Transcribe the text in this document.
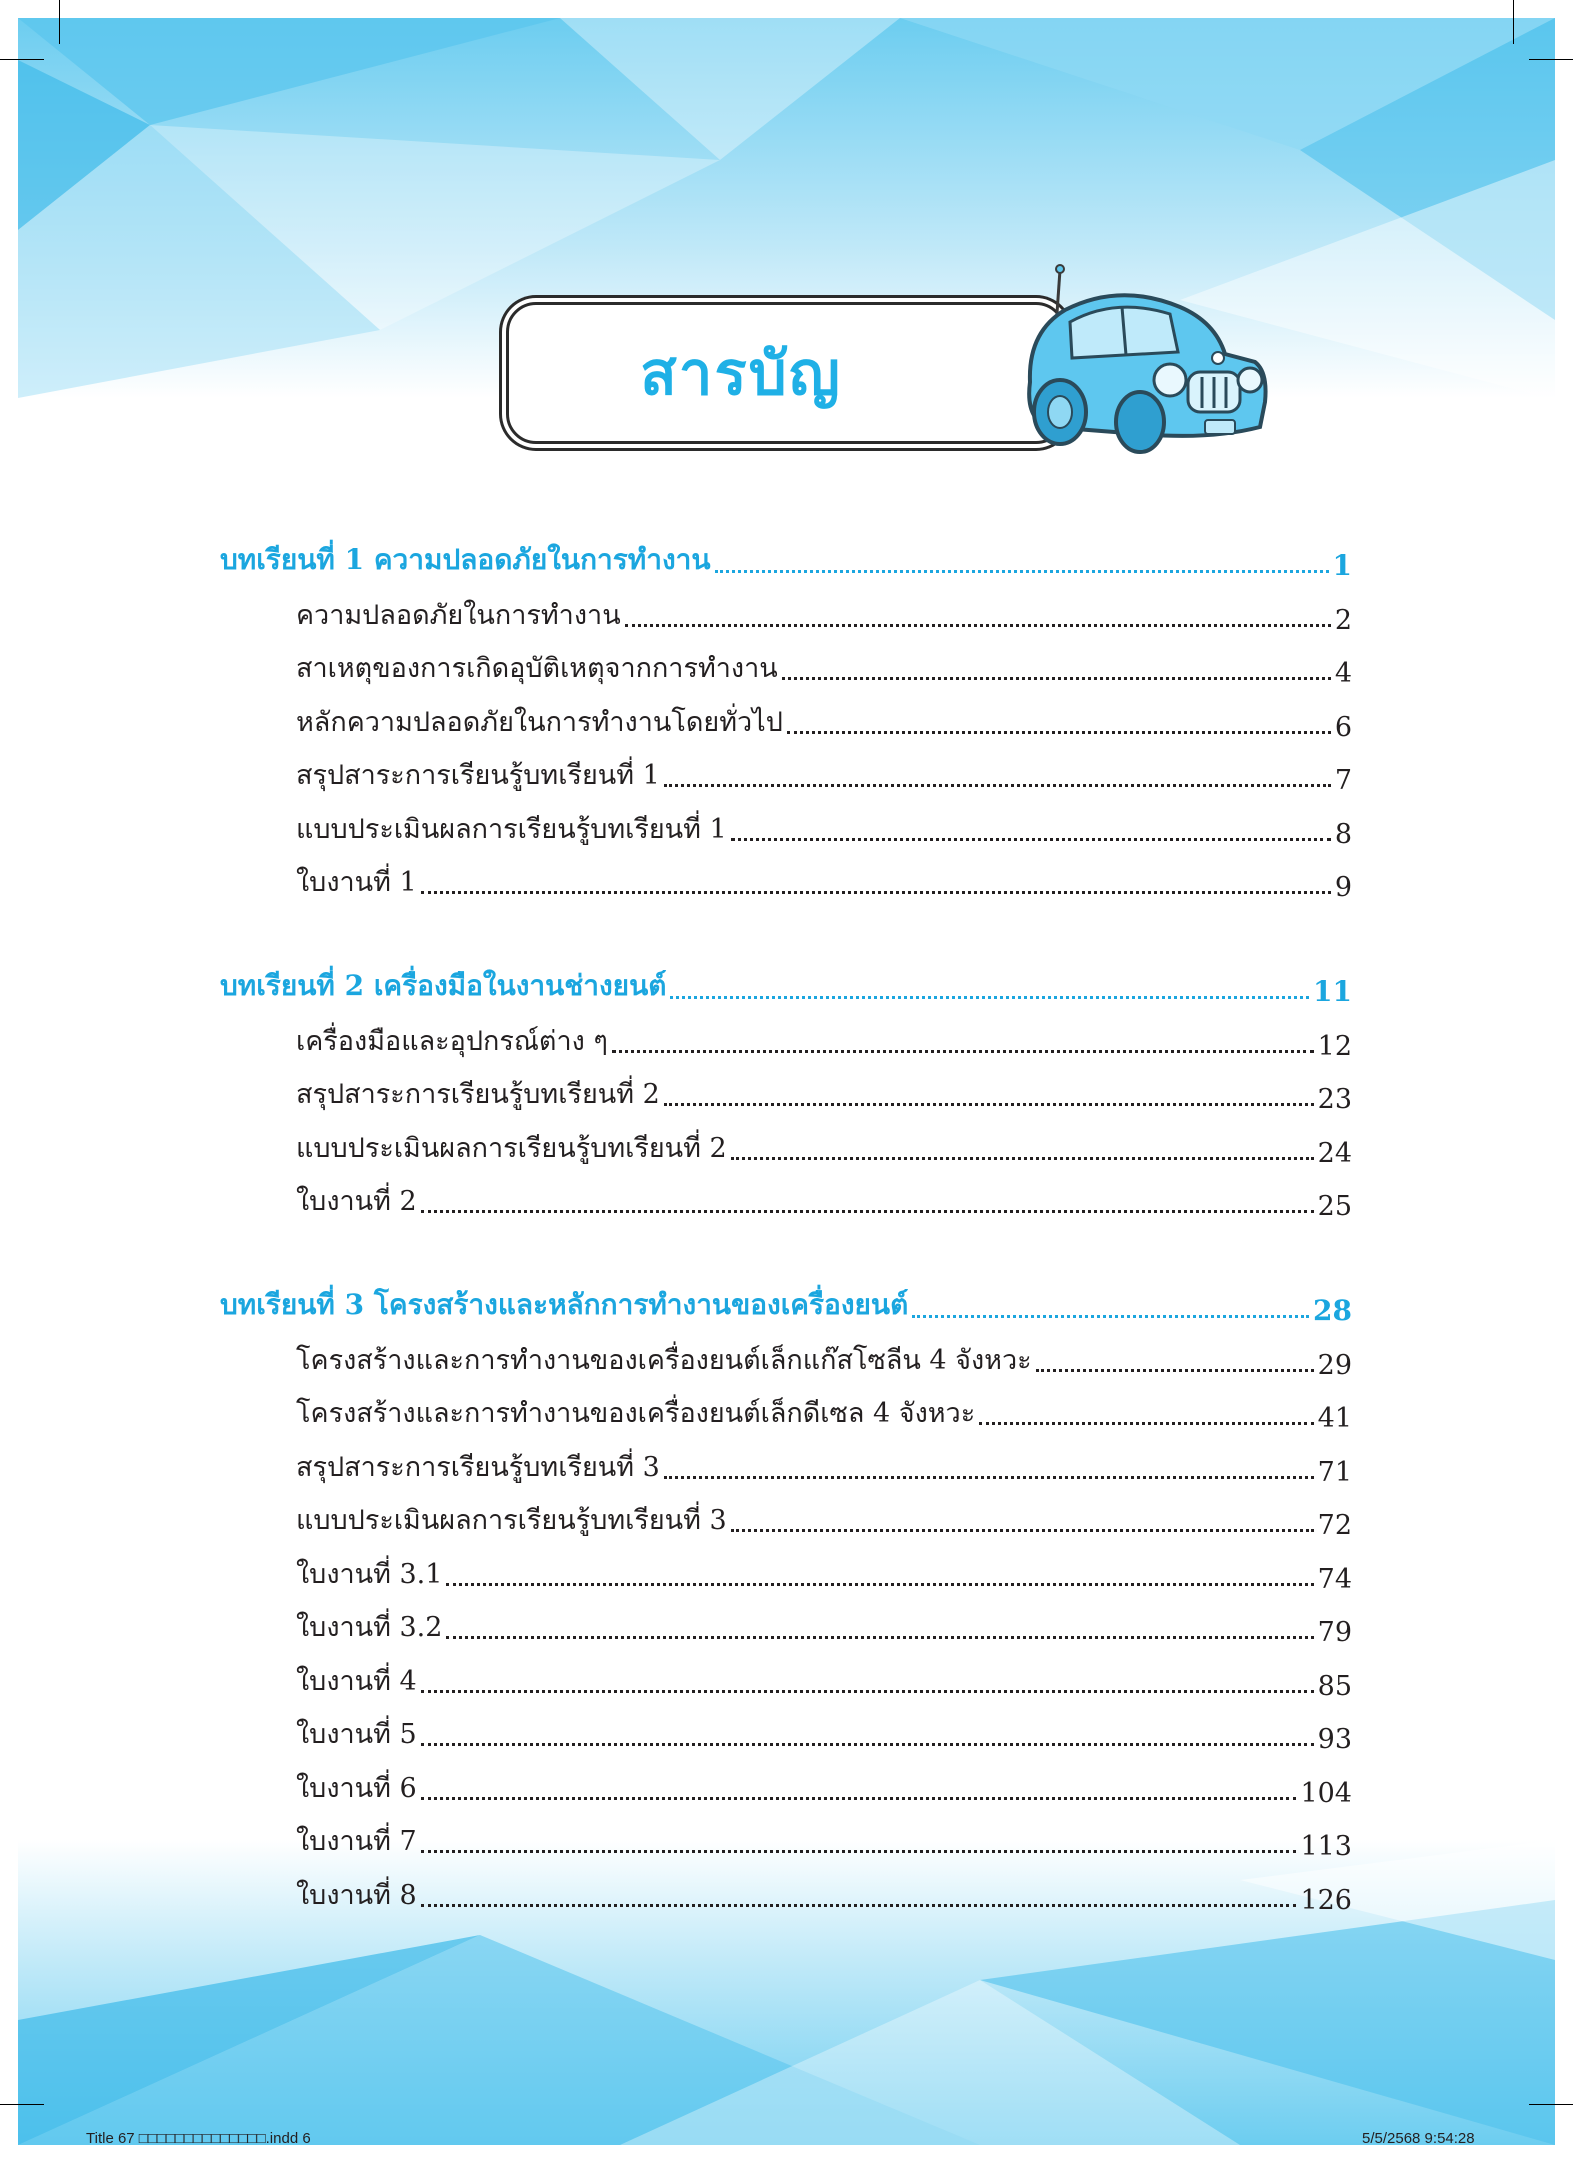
สารบัญ
บทเรียนที่ 1 ความปลอดภัยในการทำงาน	1
ความปลอดภัยในการทำงาน	2
สาเหตุของการเกิดอุบัติเหตุจากการทำงาน	4
หลักความปลอดภัยในการทำงานโดยทั่วไป	6
สรุปสาระการเรียนรู้บทเรียนที่ 1	7
แบบประเมินผลการเรียนรู้บทเรียนที่ 1	8
ใบงานที่ 1	9
บทเรียนที่ 2 เครื่องมือในงานช่างยนต์	11
เครื่องมือและอุปกรณ์ต่าง ๆ	12
สรุปสาระการเรียนรู้บทเรียนที่ 2	23
แบบประเมินผลการเรียนรู้บทเรียนที่ 2	24
ใบงานที่ 2	25
บทเรียนที่ 3 โครงสร้างและหลักการทำงานของเครื่องยนต์	28
โครงสร้างและการทำงานของเครื่องยนต์เล็กแก๊สโซลีน 4 จังหวะ	29
โครงสร้างและการทำงานของเครื่องยนต์เล็กดีเซล 4 จังหวะ	41
สรุปสาระการเรียนรู้บทเรียนที่ 3	71
แบบประเมินผลการเรียนรู้บทเรียนที่ 3	72
ใบงานที่ 3.1	74
ใบงานที่ 3.2	79
ใบงานที่ 4	85
ใบงานที่ 5	93
ใบงานที่ 6	104
ใบงานที่ 7	113
ใบงานที่ 8	126
Title 67 □□□□□□□□□□□□□□.indd 6	5/5/2568 9:54:28
